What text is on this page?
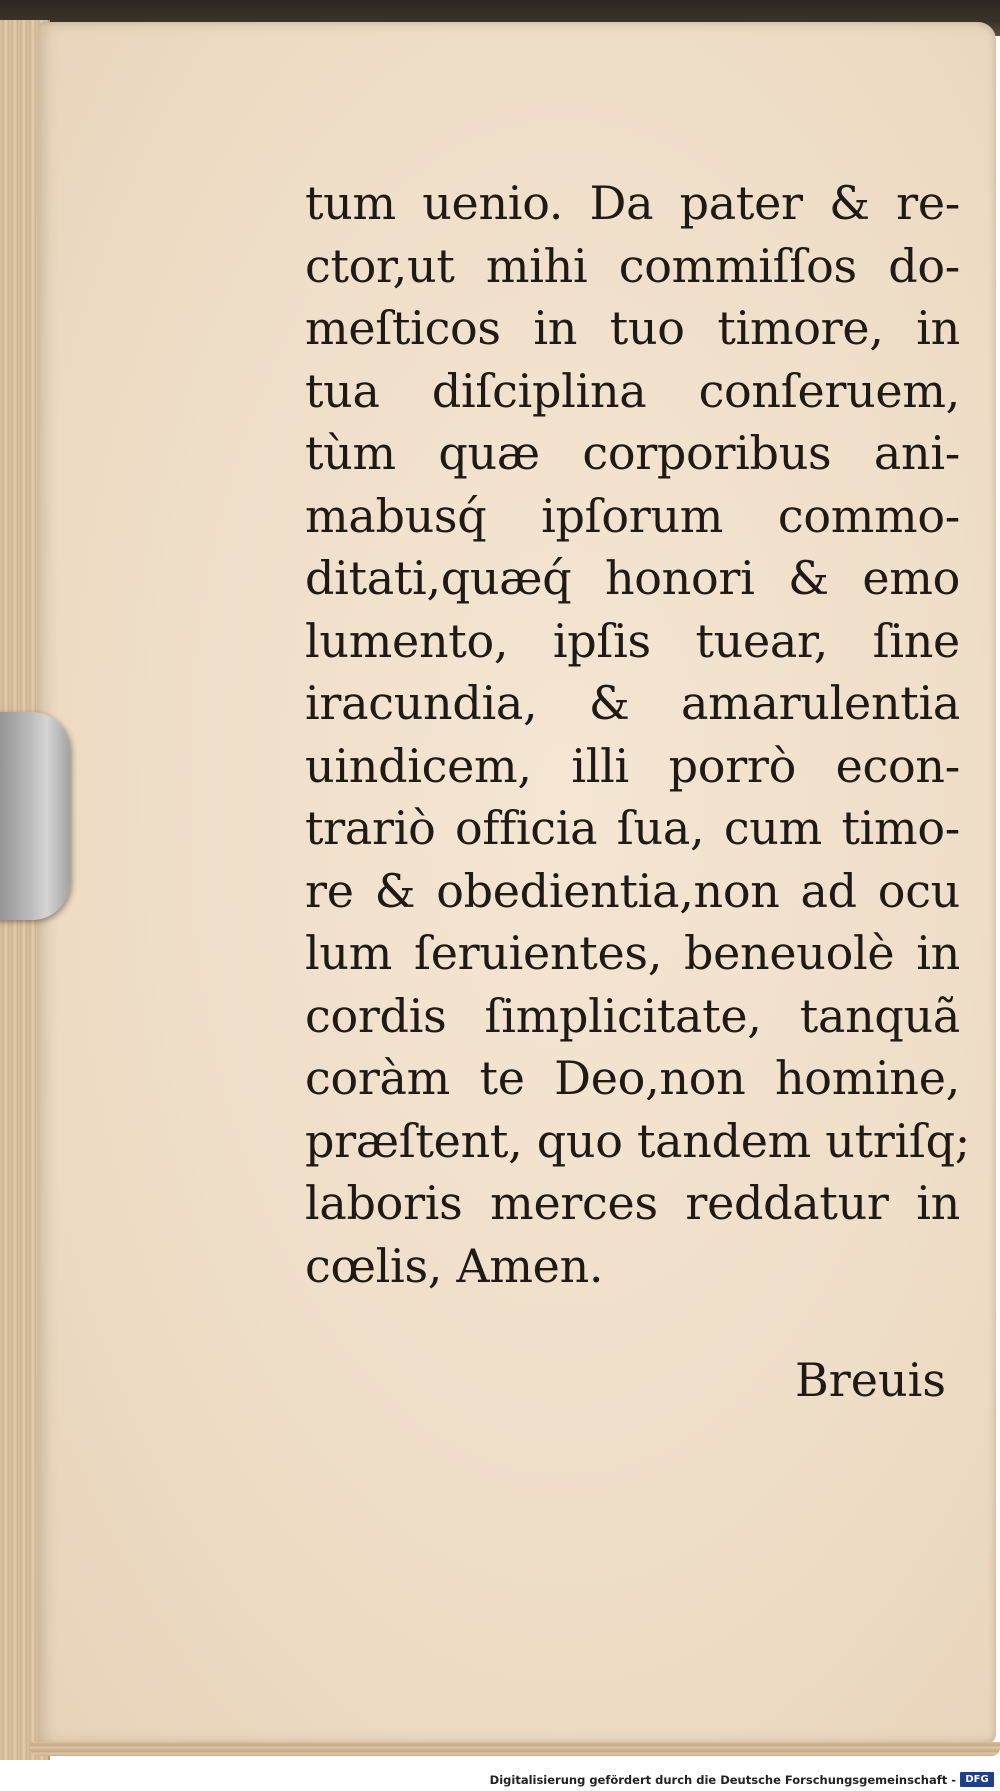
tum uenio. Da pater & re-
ctor,ut mihi commiſſos do-
meſticos in tuo timore, in
tua diſciplina conſeruem,
tùm quæ corporibus ani-
mabusq́ ipſorum commo-
ditati,quæq́ honori & emo
lumento, ipſis tuear, ſine
iracundia, & amarulentia
uindicem, illi porrò econ-
trariò officia ſua, cum timo-
re & obedientia,non ad ocu
lum ſeruientes, beneuolè in
cordis ſimplicitate, tanquã
coràm te Deo,non homine,
præſtent, quo tandem utriſq;
laboris merces reddatur in
cœlis, Amen.
Breuis
Digitalisierung gefördert durch die Deutsche Forschungsgemeinschaft - DFG
